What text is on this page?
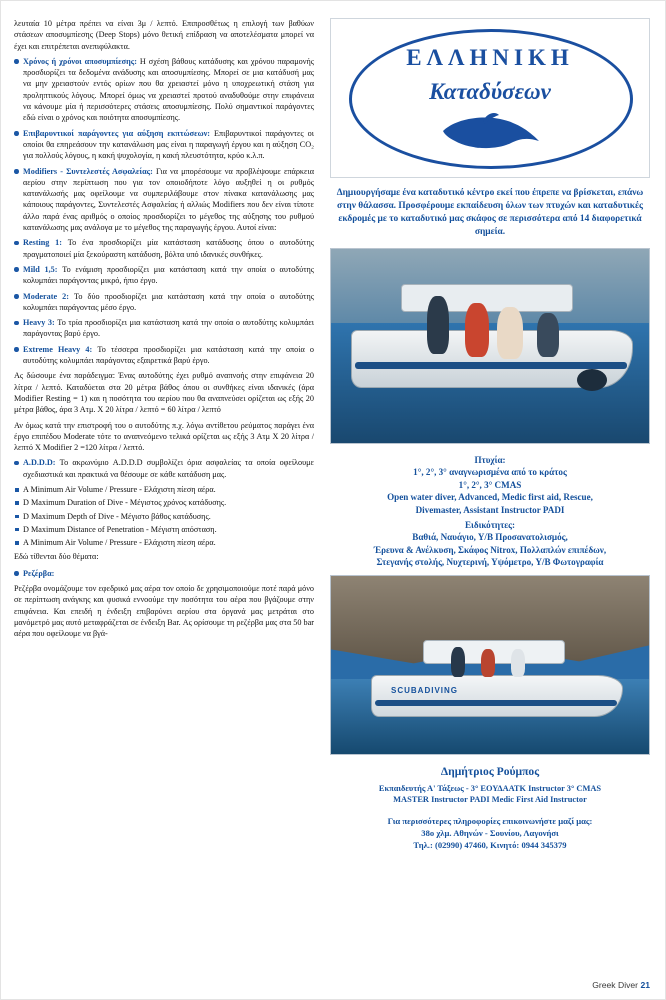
λευταία 10 μέτρα πρέπει να είναι 3μ / λεπτό. Επιπροσθέτως η επιλογή των βαθύων στάσεων αποσυμπίεσης (Deep Stops) μόνο θετική επίδραση να αποτελέσματα μπορεί να έχει και επιτρέπεται ανεπιφύλακτα.

Χρόνος ή χρόνοι αποσυμπίεσης: Η σχέση βάθους κατάδυσης και χρόνου παραμονής προσδιορίζει τα δεδομένα ανάδυσης και αποσυμπίεσης. Μπορεί σε μια κατάδυσή μας να μην χρειαστούν εντός ορίων που θα χρειαστεί μόνο η υποχρεωτική στάση για προληπτικούς λόγους. Μπορεί όμως να χρειαστεί προτού αναδυθούμε στην επιφάνεια να κάνουμε μία ή περισσότερες στάσεις αποσυμπίεσης. Πολύ σημαντικοί παράγοντες εδώ είναι ο χρόνος και ποιότητα αποσυμπίεσης.
Επιβαρυντικοί παράγοντες για αύξηση εκπτώσεων: Επιβαρυντικοί παράγοντες οι οποίοι θα επηρεάσουν την κατανάλωση μας είναι η παραγωγή έργου και η αύξηση CO₂ για πολλούς λόγους, η κακή ψυχολογία, η κακή πλευστότητα, κρύο κ.λ.π.
Modifiers - Συντελεστές Ασφαλείας: Για να μπορέσουμε να προβλέψουμε επάρκεια αερίου στην περίπτωση που για τον οποιοδήποτε λόγο αυξηθεί η οι ρυθμός κατανάλωσής μας οφείλουμε να συμπεριλάβουμε στον πίνακα κατανάλωσης μας κάποιους παράγοντες, Συντελεστές Ασφαλείας ή αλλιώς Modifiers που δεν είναι τίποτε άλλο παρά ένας αριθμός ο οποίος προσδιορίζει το μέγεθος της αύξησης του ρυθμού κατανάλωσης μας ανάλογα με το μέγεθος της παραγωγής έργου. Αυτοί είναι:
Resting 1: Το ένα προσδιορίζει μία κατάσταση κατάδυσης όπου ο αυτοδύτης πραγματοποιεί μία ξεκούραστη κατάδυση, βόλτα υπό ιδανικές συνθήκες.
Mild 1,5: Το ενάμιση προσδιορίζει μια κατάσταση κατά την οποία ο αυτοδύτης κολυμπάει παράγοντας μικρό, ήπιο έργο.
Moderate 2: Το δύο προσδιορίζει μια κατάσταση κατά την οποία ο αυτοδύτης κολυμπάει παράγοντας μέσο έργο.
Heavy 3: Το τρία προσδιορίζει μια κατάσταση κατά την οποία ο αυτοδύτης κολυμπάει παράγοντας βαρύ έργο.
Extreme Heavy 4: Το τέσσερα προσδιορίζει μια κατάσταση κατά την οποία ο αυτοδύτης κολυμπάει παράγοντας εξαιρετικά βαρύ έργο.

Ας δώσουμε ένα παράδειγμα: Ένας αυτοδύτης έχει ρυθμό αναπνοής στην επιφάνεια 20 λίτρα / λεπτό. Καταδύεται στα 20 μέτρα βάθος όπου οι συνθήκες είναι ιδανικές (άρα Modifier Resting = 1) και η ποσότητα του αερίου που θα αναπνεύσει ορίζεται ως εξής 20 μέτρα βάθος, άρα 3 Ατμ. Χ 20 λίτρα / λεπτό = 60 λίτρα / λεπτό

Αν όμως κατά την επιστροφή του ο αυτοδύτης π.χ. λόγω αντίθετου ρεύματος παράγει ένα έργο επιπέδου Moderate τότε το αναπνεόμενο τελικά ορίζεται ως εξής 3 Ατμ Χ 20 λίτρα / λεπτό Χ Modifier 2 =120 λίτρα / λεπτό.

A.D.D.D: Το ακρωνύμιο A.D.D.D συμβολίζει όρια ασφαλείας τα οποία οφείλουμε σχεδιαστικά και πρακτικά να θέσουμε σε κάθε κατάδυση μας.
A Minimum Air Volume / Pressure - Ελάχιστη πίεση αέρα.
D Maximum Duration of Dive - Μέγιστος χρόνος κατάδυσης.
D Maximum Depth of Dive - Μέγιστο βάθος κατάδυσης.
D Maximum Distance of Penetration - Μέγιστη απόσταση.
A Minimum Air Volume / Pressure - Ελάχιστη πίεση αέρα.

Εδώ τίθενται δύο θέματα:

Ρεζέρβα:

Ρεζέρβα ονομάζουμε τον εφεδρικό μας αέρα τον οποίο δε χρησιμοποιούμε ποτέ παρά μόνο σε περίπτωση ανάγκης και φυσικά εννοούμε την ποσότητα του αέρα που βγάζουμε στην επιφάνεια. Και επειδή η ένδειξη επιβαρύνει αερίου στα όργανά μας μετράται στο μανόμετρό μας αυτό μεταφράζεται σε ένδειξη Bar. Ας ορίσουμε τη ρεζέρβα μας στα 50 bar αέρα που οφείλουμε να βγά-

ΕΛΛΗΝΙΚΗ
Καταδύσεων
Δημιουργήσαμε ένα καταδυτικό κέντρο εκεί που έπρεπε να βρίσκεται, επάνω στην θάλασσα. Προσφέρουμε εκπαίδευση όλων των πτυχών και καταδυτικές εκδρομές με το καταδυτικό μας σκάφος σε περισσότερα από 14 διαφορετικά σημεία.
Πτυχία:
1°, 2°, 3° αναγνωρισμένα από το κράτος
1°, 2°, 3° CMAS
Open water diver, Advanced, Medic first aid, Rescue,
Divemaster, Assistant Instructor PADI
Ειδικότητες:
Βαθιά, Ναυάγιο, Υ/Β Προσανατολισμός,
Έρευνα & Ανέλκυση, Σκάφος Nitrox, Πολλαπλών επιπέδων,
Στεγανής στολής, Νυχτερινή, Υψόμετρο, Υ/Β Φωτογραφία
SCUBADIVING
Δημήτριος Ρούμπος
Εκπαιδευτής Α' Τάξεως - 3° ΕΟΥΔΑΑΤΚ Instructor 3° CMAS
MASTER Instructor PADI Medic First Aid Instructor
Για περισσότερες πληροφορίες επικοινωνήστε μαζί μας:
38ο χλμ. Αθηνών - Σουνίου, Λαγονήσι
Τηλ.: (02990) 47460, Κινητό: 0944 345379
Greek Diver 21
